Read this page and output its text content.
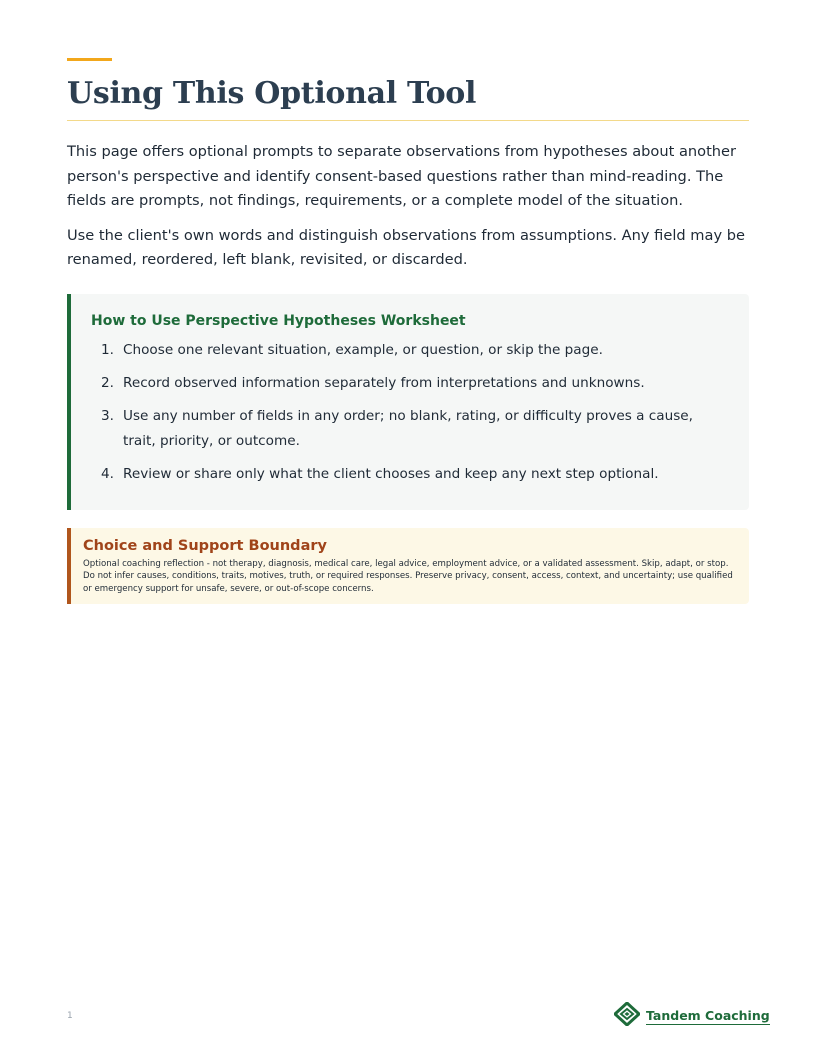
Using This Optional Tool

This page offers optional prompts to separate observations from hypotheses about another person's perspective and identify consent-based questions rather than mind-reading. The fields are prompts, not findings, requirements, or a complete model of the situation.

Use the client's own words and distinguish observations from assumptions. Any field may be renamed, reordered, left blank, revisited, or discarded.

How to Use Perspective Hypotheses Worksheet
1. Choose one relevant situation, example, or question, or skip the page.
2. Record observed information separately from interpretations and unknowns.
3. Use any number of fields in any order; no blank, rating, or difficulty proves a cause, trait, priority, or outcome.
4. Review or share only what the client chooses and keep any next step optional.
Choice and Support Boundary
Optional coaching reflection - not therapy, diagnosis, medical care, legal advice, employment advice, or a validated assessment. Skip, adapt, or stop. Do not infer causes, conditions, traits, motives, truth, or required responses. Preserve privacy, consent, access, context, and uncertainty; use qualified or emergency support for unsafe, severe, or out-of-scope concerns.
1	Tandem Coaching
